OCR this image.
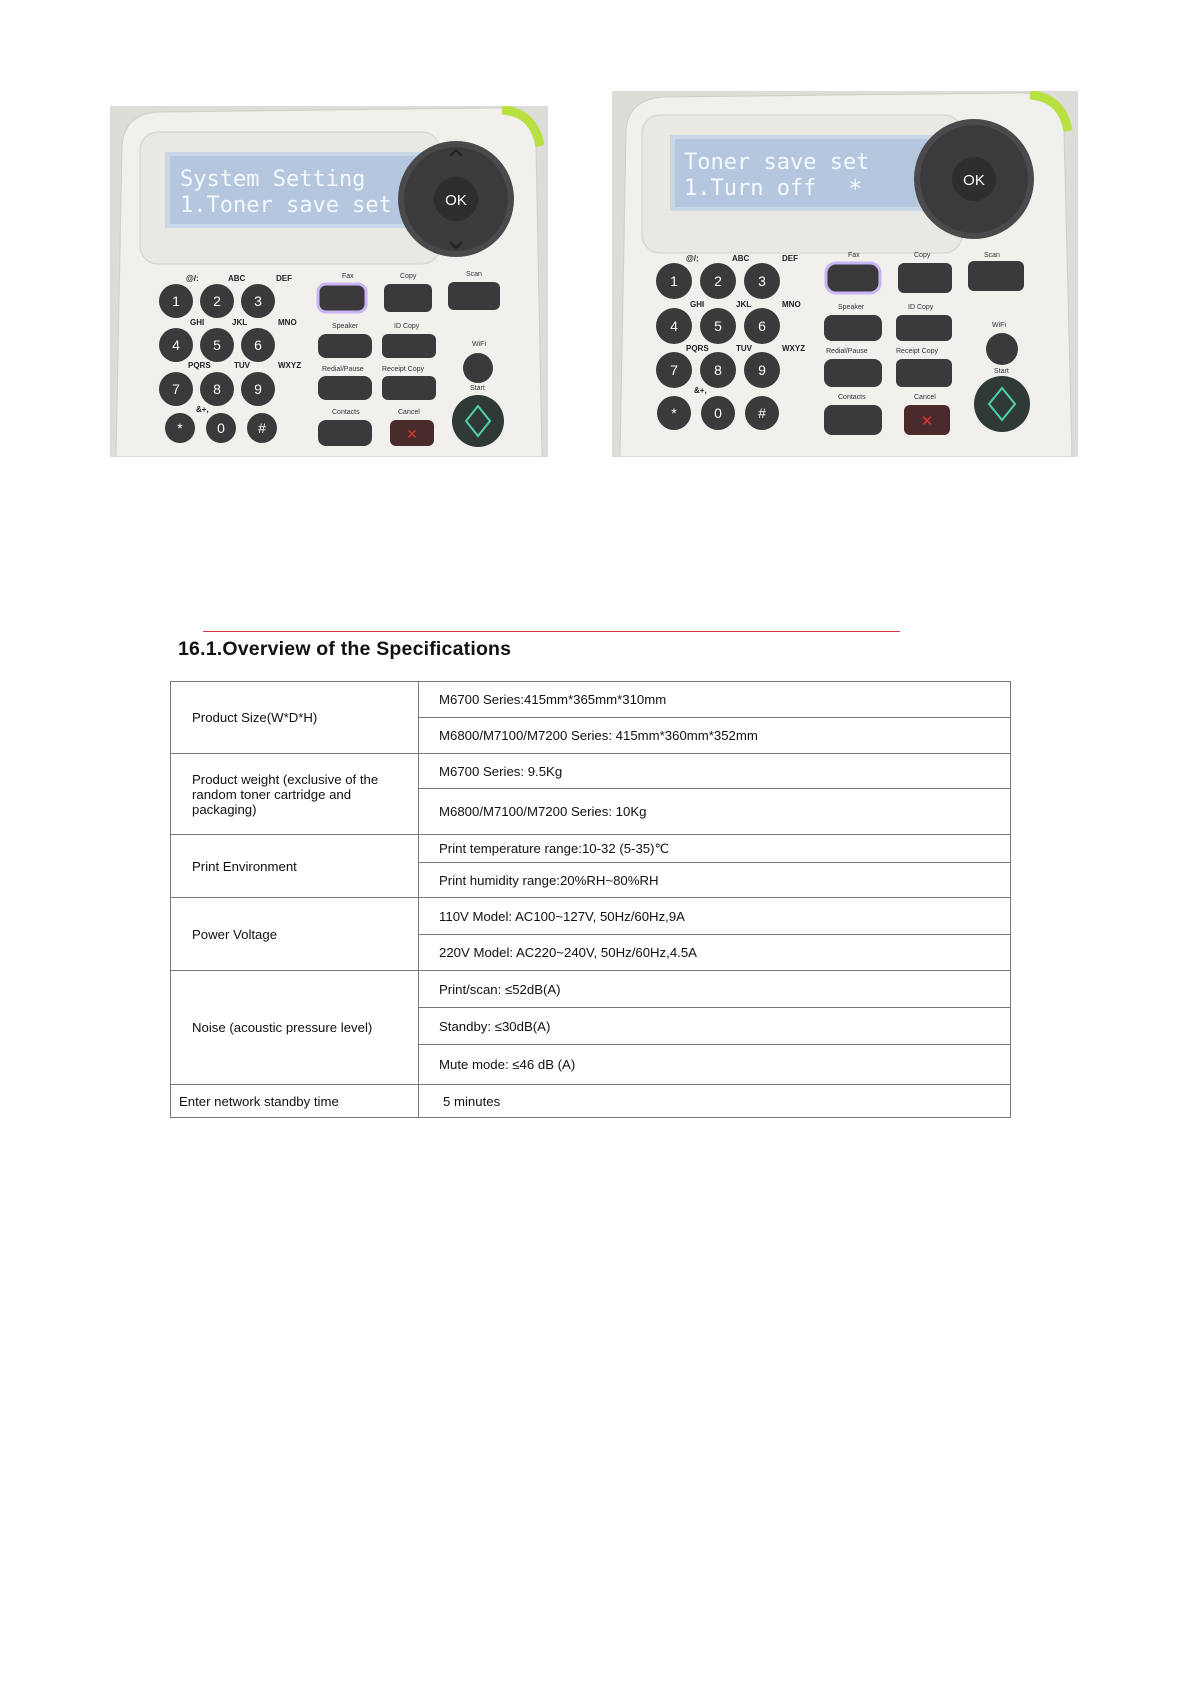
System Setting
1.Toner save set	OK
@/:	ABC	DEF
GHI	JKL	MNO
PQRS	TUV	WXYZ
&+,
1 2 3
4 5 6
7 8 9
* 0 #
Fax	Copy	Scan
Speaker	ID Copy
Redial/Pause	Receipt Copy
Contacts	Cancel
✕
WiFi
Start
Toner save set
1.Turn off *	OK
@/:	ABC	DEF
GHI	JKL	MNO
PQRS	TUV	WXYZ
&+,
1	2	3
4	5	6
7	8	9
*	0	#
Fax	Copy	Scan
Speaker	ID Copy
Redial/Pause	Receipt Copy
Contacts	Cancel
✕
WiFi
Start
16.1.Overview of the Specifications
Product Size(W*D*H)	M6700 Series:415mm*365mm*310mm
	M6800/M7100/M7200 Series: 415mm*360mm*352mm
Product weight (exclusive of the random toner cartridge and packaging)	M6700 Series: 9.5Kg
	M6800/M7100/M7200 Series: 10Kg
Print Environment	Print temperature range:10-32 (5-35)℃
	Print humidity range:20%RH~80%RH
Power Voltage	110V Model: AC100~127V, 50Hz/60Hz,9A
	220V Model: AC220~240V, 50Hz/60Hz,4.5A
Noise (acoustic pressure level)	Print/scan: ≤52dB(A)
	Standby: ≤30dB(A)
	Mute mode: ≤46 dB (A)
Enter network standby time	5 minutes
